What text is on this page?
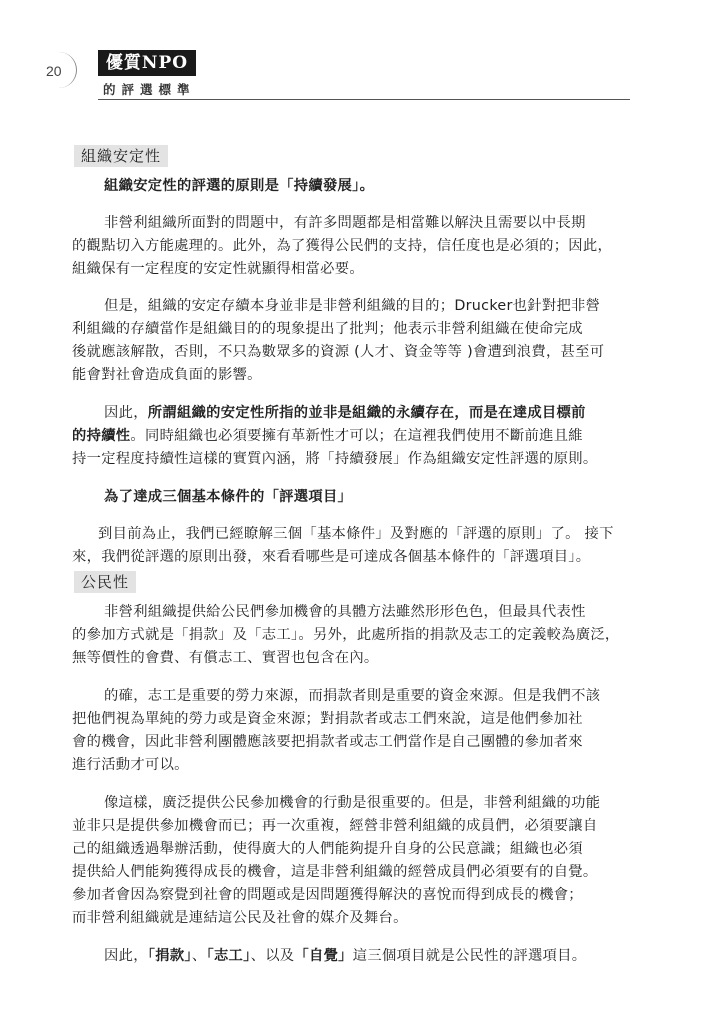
20	優質NPO
的評選標準
組織安定性
組織安定性的評選的原則是「持續發展」。
非營利組織所面對的問題中，有許多問題都是相當難以解決且需要以中長期
的觀點切入方能處理的。此外，為了獲得公民們的支持，信任度也是必須的；因此，
組織保有一定程度的安定性就顯得相當必要。
但是，組織的安定存續本身並非是非營利組織的目的；Drucker也針對把非營
利組織的存續當作是組織目的的現象提出了批判；他表示非營利組織在使命完成
後就應該解散，否則，不只為數眾多的資源 (人才、資金等等 )會遭到浪費，甚至可
能會對社會造成負面的影響。
因此，所謂組織的安定性所指的並非是組織的永續存在，而是在達成目標前
的持續性。同時組織也必須要擁有革新性才可以；在這裡我們使用不斷前進且維
持一定程度持續性這樣的實質內涵，將「持續發展」作為組織安定性評選的原則。
為了達成三個基本條件的「評選項目」
到目前為止，我們已經瞭解三個「基本條件」及對應的「評選的原則」了。 接下
來，我們從評選的原則出發，來看看哪些是可達成各個基本條件的「評選項目」。
公民性
非營利組織提供給公民們參加機會的具體方法雖然形形色色，但最具代表性
的參加方式就是「捐款」及「志工」。另外，此處所指的捐款及志工的定義較為廣泛，
無等價性的會費、有償志工、實習也包含在內。
的確，志工是重要的勞力來源，而捐款者則是重要的資金來源。但是我們不該
把他們視為單純的勞力或是資金來源；對捐款者或志工們來說，這是他們參加社
會的機會，因此非營利團體應該要把捐款者或志工們當作是自己團體的參加者來
進行活動才可以。
像這樣，廣泛提供公民參加機會的行動是很重要的。但是，非營利組織的功能
並非只是提供參加機會而已；再一次重複，經營非營利組織的成員們，必須要讓自
己的組織透過舉辦活動，使得廣大的人們能夠提升自身的公民意識；組織也必須
提供給人們能夠獲得成長的機會，這是非營利組織的經營成員們必須要有的自覺。
參加者會因為察覺到社會的問題或是因問題獲得解決的喜悅而得到成長的機會；
而非營利組織就是連結這公民及社會的媒介及舞台。
因此，「捐款」、「志工」、以及「自覺」這三個項目就是公民性的評選項目。
